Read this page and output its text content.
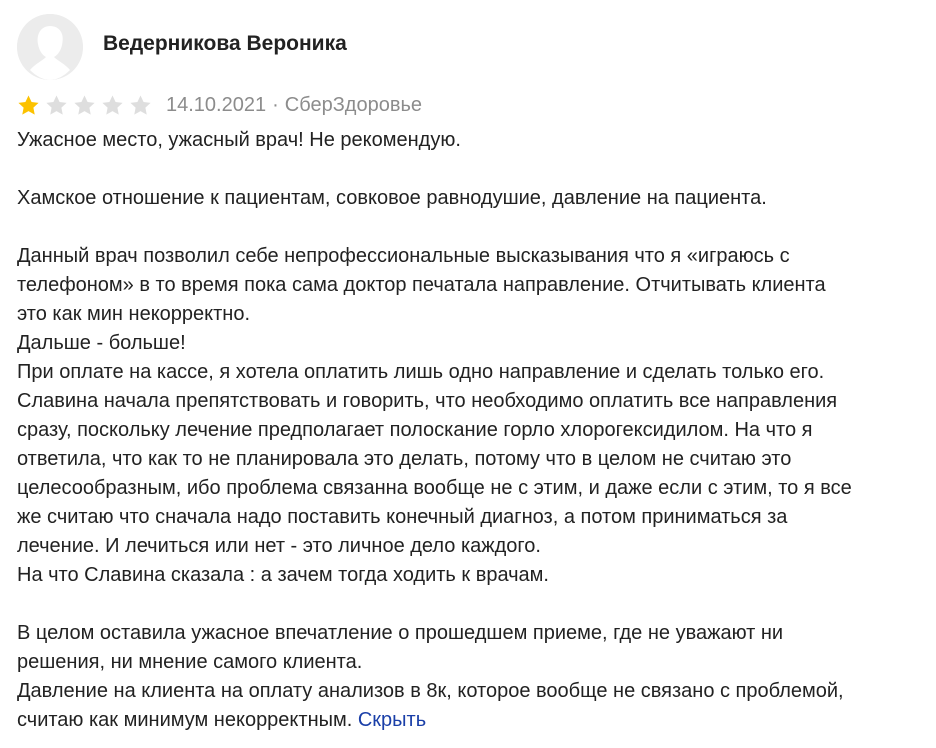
Ведерникова Вероника
14.10.2021 · СберЗдоровье

Ужасное место, ужасный врач! Не рекомендую.

Хамское отношение к пациентам, совковое равнодушие, давление на пациента.

Данный врач позволил себе непрофессиональные высказывания что я «играюсь с
телефоном» в то время пока сама доктор печатала направление. Отчитывать клиента
это как мин некорректно.
Дальше - больше!
При оплате на кассе, я хотела оплатить лишь одно направление и сделать только его.
Славина начала препятствовать и говорить, что необходимо оплатить все направления
сразу, поскольку лечение предполагает полоскание горло хлорогексидилом. На что я
ответила, что как то не планировала это делать, потому что в целом не считаю это
целесообразным, ибо проблема связанна вообще не с этим, и даже если с этим, то я все
же считаю что сначала надо поставить конечный диагноз, а потом приниматься за
лечение. И лечиться или нет - это личное дело каждого.
На что Славина сказала : а зачем тогда ходить к врачам.

В целом оставила ужасное впечатление о прошедшем приеме, где не уважают ни
решения, ни мнение самого клиента.
Давление на клиента на оплату анализов в 8к, которое вообще не связано с проблемой,
считаю как минимум некорректным. Скрыть
